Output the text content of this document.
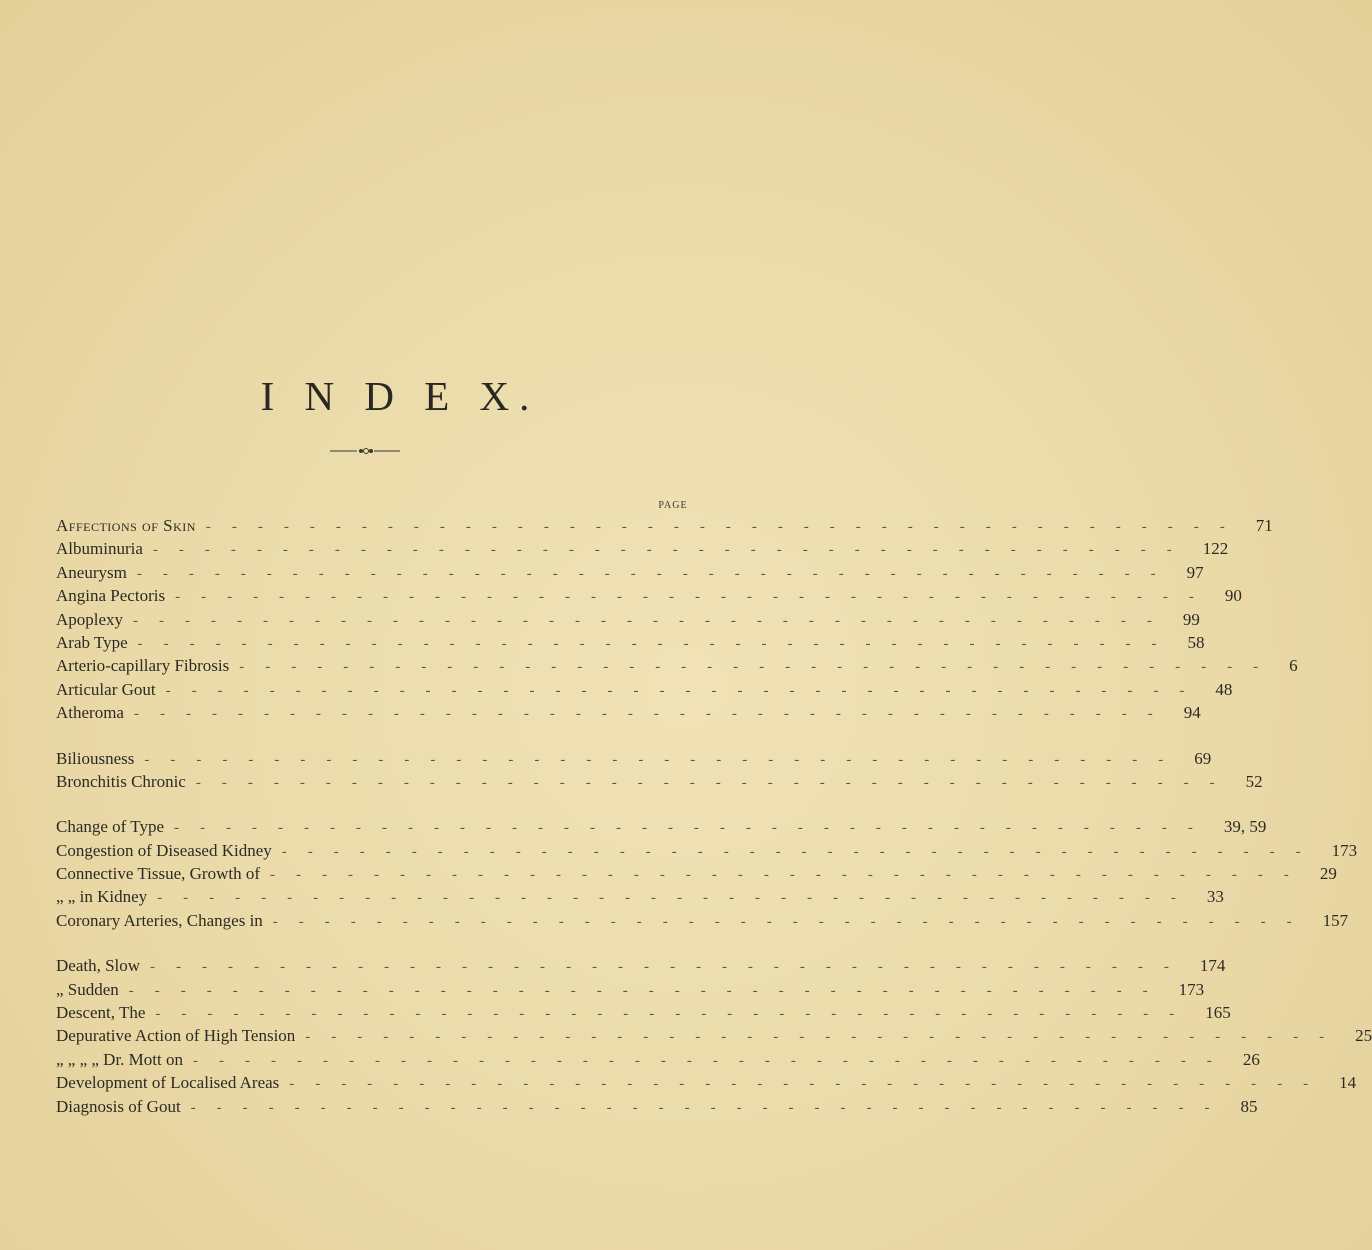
I N D E X.
PAGE
Affections of Skin ---------------------------------------- 71
Albuminuria ---------------------------------------- 122
Aneurysm ---------------------------------------- 97
Angina Pectoris ---------------------------------------- 90
Apoplexy ---------------------------------------- 99
Arab Type ---------------------------------------- 58
Arterio-capillary Fibrosis ---------------------------------------- 6
Articular Gout ---------------------------------------- 48
Atheroma ---------------------------------------- 94
Biliousness ---------------------------------------- 69
Bronchitis Chronic ---------------------------------------- 52
Change of Type ---------------------------------------- 39, 59
Congestion of Diseased Kidney ---------------------------------------- 173
Connective Tissue, Growth of ---------------------------------------- 29
„ „ in Kidney ---------------------------------------- 33
Coronary Arteries, Changes in ---------------------------------------- 157
Death, Slow ---------------------------------------- 174
„ Sudden ---------------------------------------- 173
Descent, The ---------------------------------------- 165
Depurative Action of High Tension ---------------------------------------- 25
„ „ „ „ Dr. Mott on ---------------------------------------- 26
Development of Localised Areas ---------------------------------------- 14
Diagnosis of Gout ---------------------------------------- 85
